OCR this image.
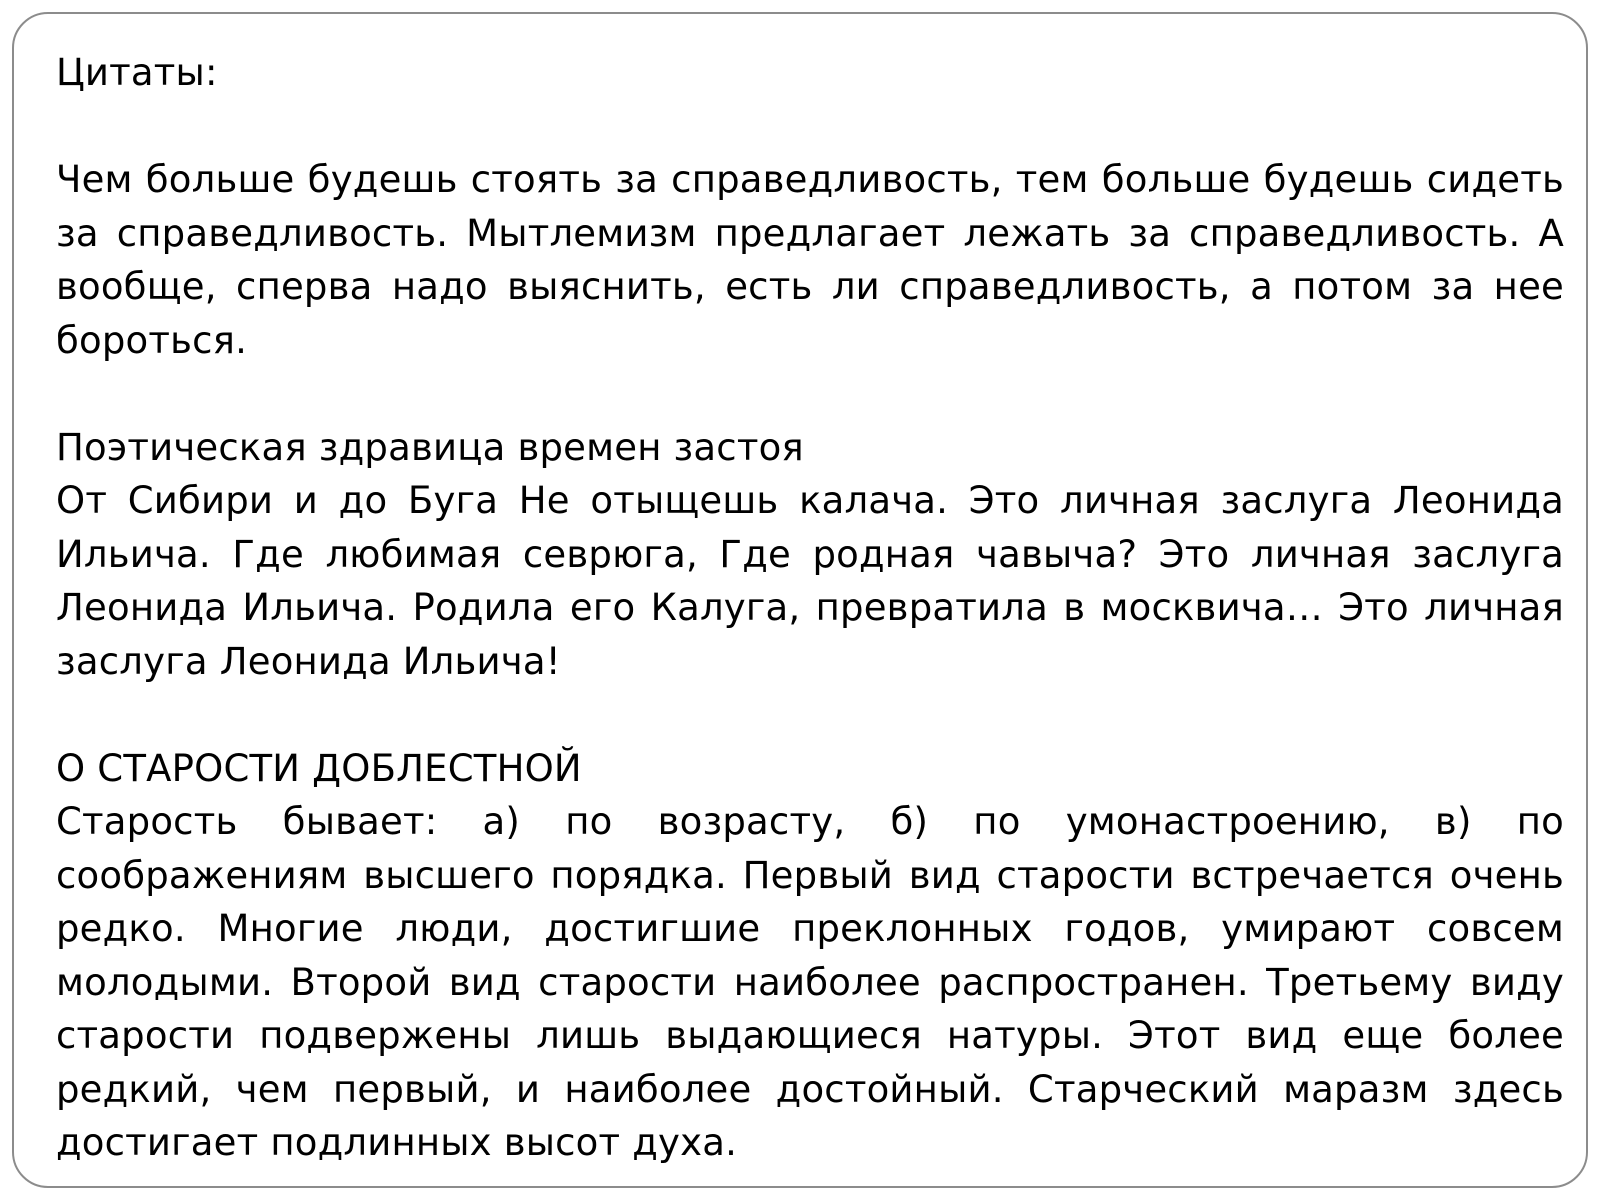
Цитаты:

Чем больше будешь стоять за справедливость, тем больше будешь сидеть за справедливость. Мытлемизм предлагает лежать за справедливость. А вообще, сперва надо выяснить, есть ли справедливость, а потом за нее бороться.

Поэтическая здравица времен застоя

От Сибири и до Буга Не отыщешь калача. Это личная заслуга Леонида Ильича. Где любимая севрюга, Где родная чавыча? Это личная заслуга Леонида Ильича. Родила его Калуга, превратила в москвича… Это личная заслуга Леонида Ильича!

О СТАРОСТИ ДОБЛЕСТНОЙ

Старость бывает: а) по возрасту, б) по умонастроению, в) по соображениям высшего порядка. Первый вид старости встречается очень редко. Многие люди, достигшие преклонных годов, умирают совсем молодыми. Второй вид старости наиболее распространен. Третьему виду старости подвержены лишь выдающиеся натуры. Этот вид еще более редкий, чем первый, и наиболее достойный. Старческий маразм здесь достигает подлинных высот духа.
